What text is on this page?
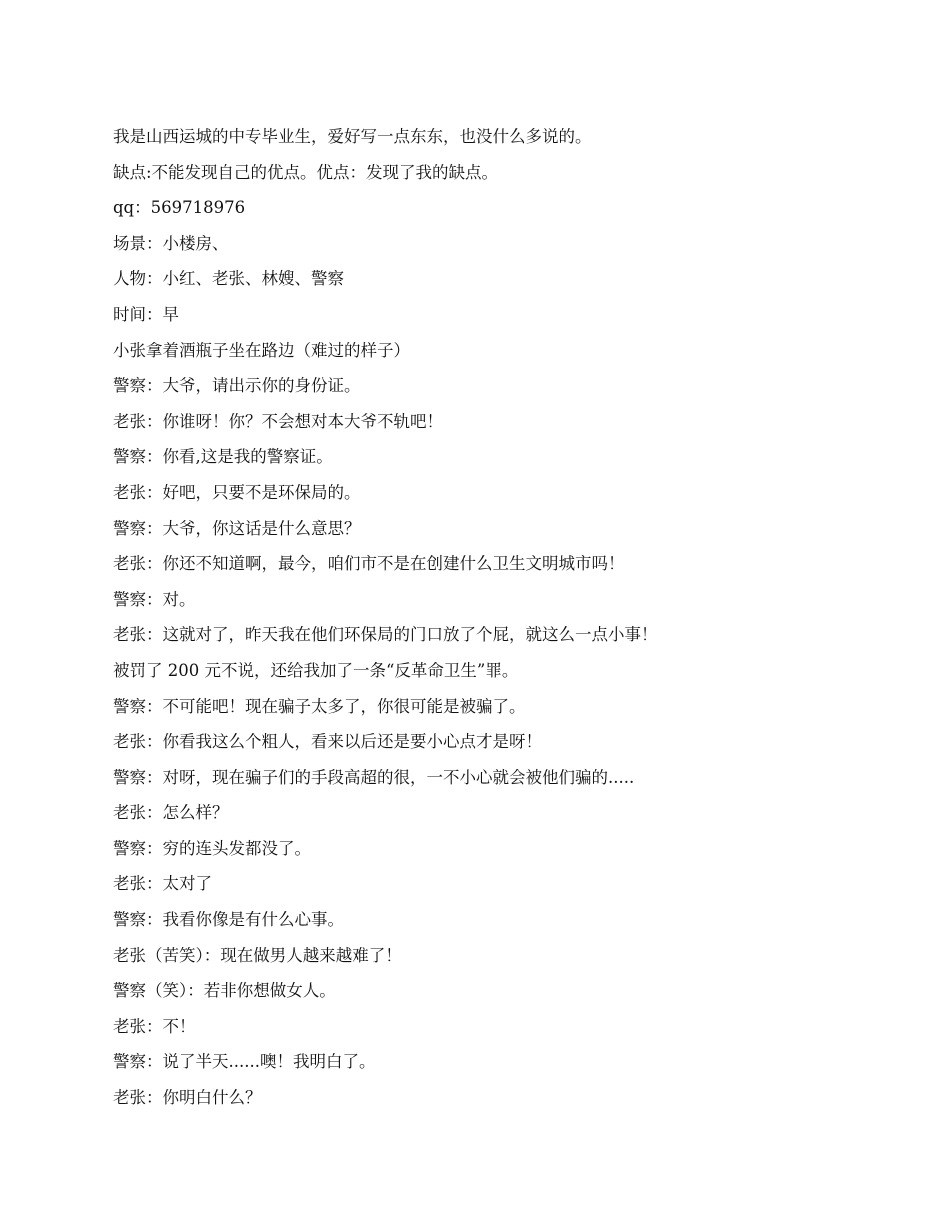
我是山西运城的中专毕业生，爱好写一点东东，也没什么多说的。
缺点:不能发现自己的优点。优点：发现了我的缺点。
qq：569718976
场景：小楼房、
人物：小红、老张、林嫂、警察
时间：早
小张拿着酒瓶子坐在路边（难过的样子）
警察：大爷，请出示你的身份证。
老张：你谁呀！你？不会想对本大爷不轨吧！
警察：你看,这是我的警察证。
老张：好吧，只要不是环保局的。
警察：大爷，你这话是什么意思？
老张：你还不知道啊，最今，咱们市不是在创建什么卫生文明城市吗！
警察：对。
老张：这就对了，昨天我在他们环保局的门口放了个屁，就这么一点小事！
被罚了 200 元不说，还给我加了一条“反革命卫生”罪。
警察：不可能吧！现在骗子太多了，你很可能是被骗了。
老张：你看我这么个粗人，看来以后还是要小心点才是呀！
警察：对呀，现在骗子们的手段高超的很，一不小心就会被他们骗的.....
老张：怎么样？
警察：穷的连头发都没了。
老张：太对了
警察：我看你像是有什么心事。
老张（苦笑）：现在做男人越来越难了！
警察（笑）：若非你想做女人。
老张：不！
警察：说了半天......噢！我明白了。
老张：你明白什么？
